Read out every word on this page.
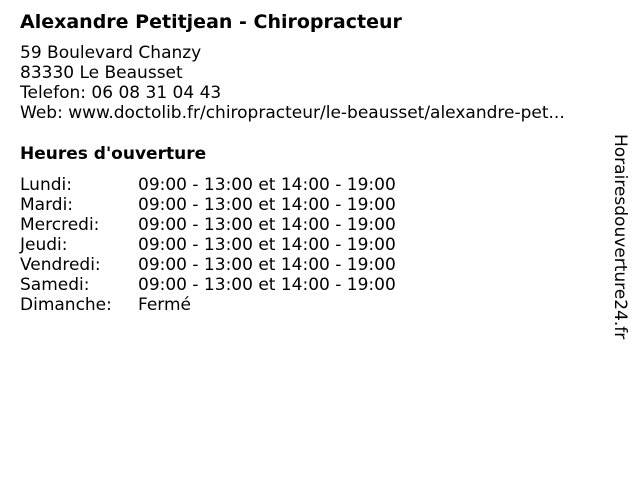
Alexandre Petitjean - Chiropracteur
59 Boulevard Chanzy
83330 Le Beausset
Telefon: 06 08 31 04 43
Web: www.doctolib.fr/chiropracteur/le-beausset/alexandre-pet...
Heures d'ouverture
Lundi:	09:00 - 13:00 et 14:00 - 19:00
Mardi:	09:00 - 13:00 et 14:00 - 19:00
Mercredi:	09:00 - 13:00 et 14:00 - 19:00
Jeudi:	09:00 - 13:00 et 14:00 - 19:00
Vendredi:	09:00 - 13:00 et 14:00 - 19:00
Samedi:	09:00 - 13:00 et 14:00 - 19:00
Dimanche:	Fermé	Horairesdouverture24.fr
